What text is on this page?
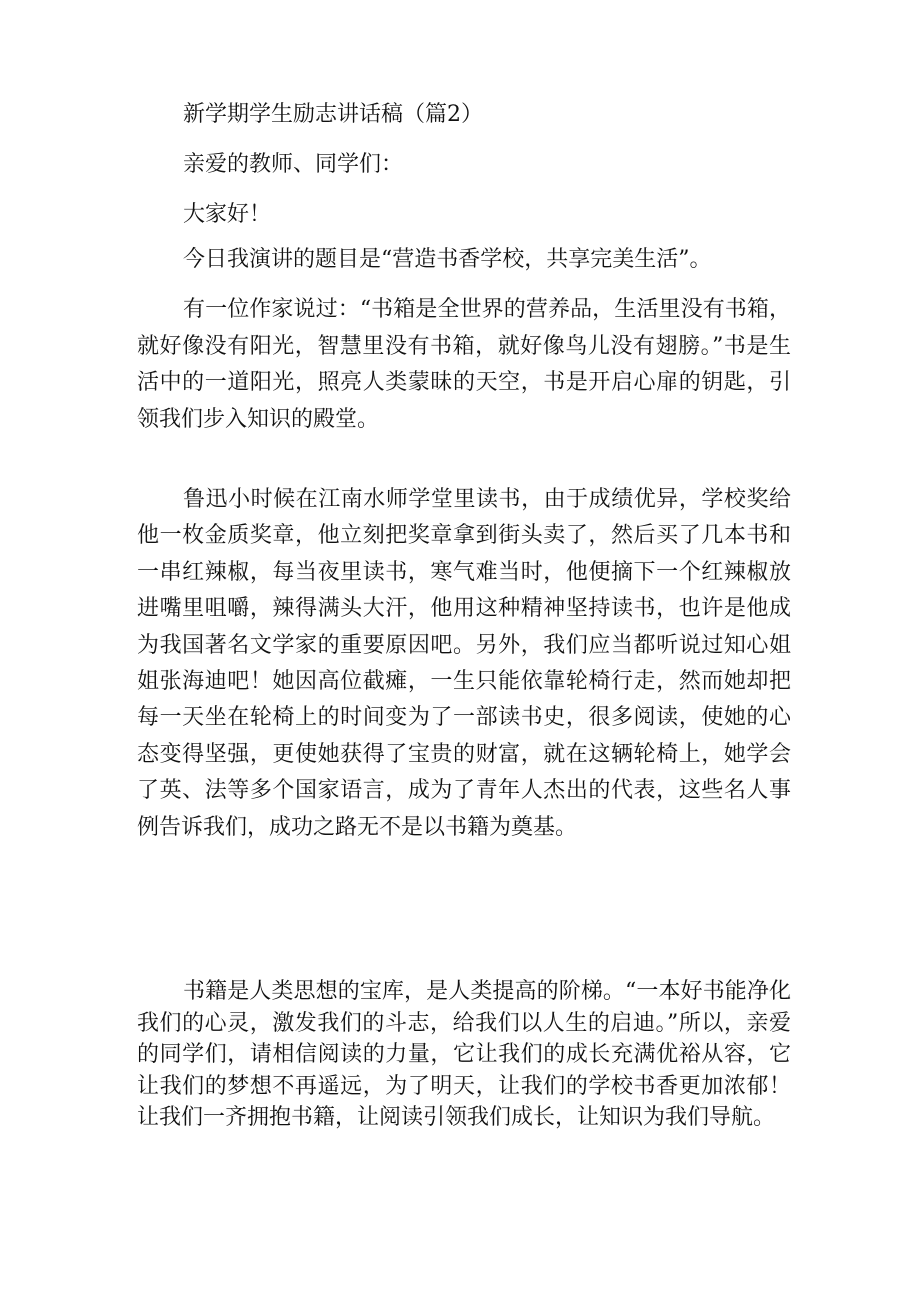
新学期学生励志讲话稿（篇2）
亲爱的教师、同学们：
大家好！
今日我演讲的题目是“营造书香学校，共享完美生活”。
有一位作家说过：“书箱是全世界的营养品，生活里没有书箱，就好像没有阳光，智慧里没有书箱，就好像鸟儿没有翅膀。”书是生活中的一道阳光，照亮人类蒙昧的天空，书是开启心扉的钥匙，引领我们步入知识的殿堂。
鲁迅小时候在江南水师学堂里读书，由于成绩优异，学校奖给他一枚金质奖章，他立刻把奖章拿到街头卖了，然后买了几本书和一串红辣椒，每当夜里读书，寒气难当时，他便摘下一个红辣椒放进嘴里咀嚼，辣得满头大汗，他用这种精神坚持读书，也许是他成为我国著名文学家的重要原因吧。另外，我们应当都听说过知心姐姐张海迪吧！她因高位截瘫，一生只能依靠轮椅行走，然而她却把每一天坐在轮椅上的时间变为了一部读书史，很多阅读，使她的心态变得坚强，更使她获得了宝贵的财富，就在这辆轮椅上，她学会了英、法等多个国家语言，成为了青年人杰出的代表，这些名人事例告诉我们，成功之路无不是以书籍为奠基。
书籍是人类思想的宝库，是人类提高的阶梯。“一本好书能净化我们的心灵，激发我们的斗志，给我们以人生的启迪。”所以，亲爱的同学们，请相信阅读的力量，它让我们的成长充满优裕从容，它让我们的梦想不再遥远，为了明天，让我们的学校书香更加浓郁！让我们一齐拥抱书籍，让阅读引领我们成长，让知识为我们导航。
